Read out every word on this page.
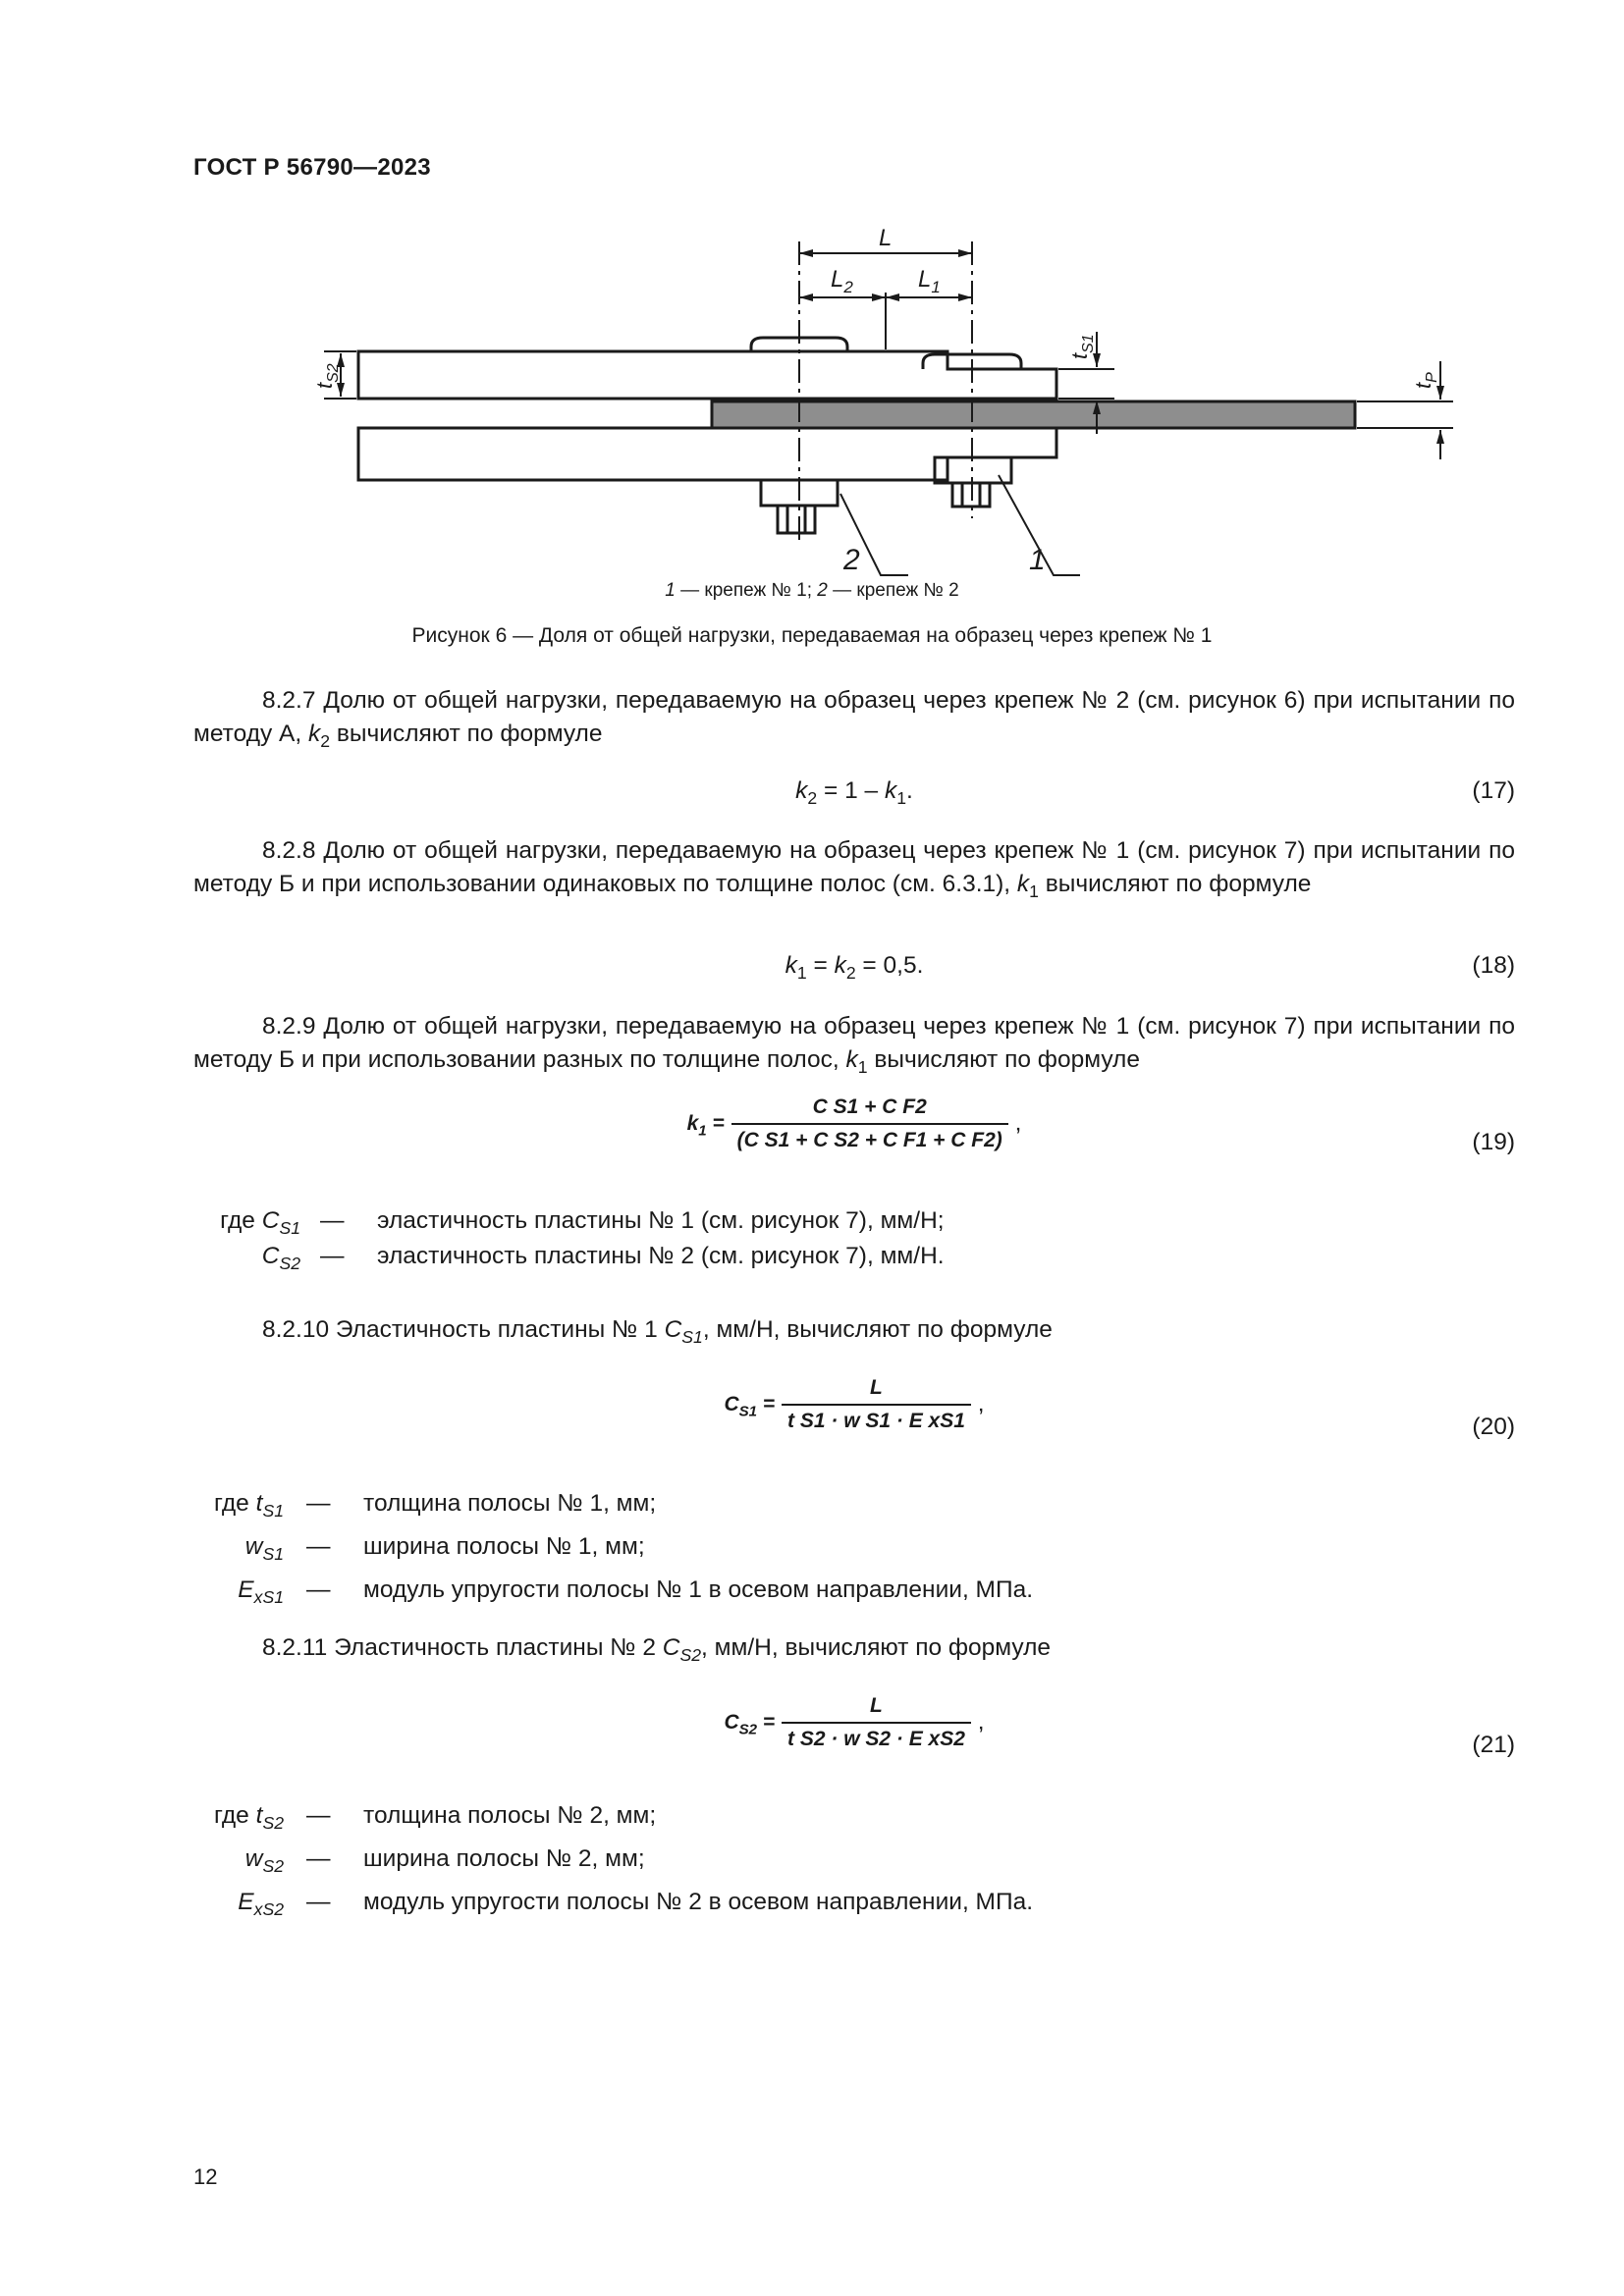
ГОСТ Р 56790—2023
L
$L_2$	$L_1$
$t_{S2}$
$t_{S1}$
$t_P$
2	1
1 — крепеж № 1; 2 — крепеж № 2
Рисунок 6 — Доля от общей нагрузки, передаваемая на образец через крепеж № 1
8.2.7 Долю от общей нагрузки, передаваемую на образец через крепеж № 2 (см. рисунок 6) при испытании по методу А, $k_2$ вычисляют по формуле
$k_2 = 1 - k_1$.	(17)
8.2.8 Долю от общей нагрузки, передаваемую на образец через крепеж № 1 (см. рисунок 7) при испытании по методу Б и при использовании одинаковых по толщине полос (см. 6.3.1), $k_1$ вычисляют по формуле
$k_1 = k_2 = 0,5$.	(18)
8.2.9 Долю от общей нагрузки, передаваемую на образец через крепеж № 1 (см. рисунок 7) при испытании по методу Б и при использовании разных по толщине полос, $k_1$ вычисляют по формуле
$k_1 = \frac{\text{C S1 + C F2}}{\text{(C S1 + C S2 + C F1 + C F2)}}$ ,
(19)
где $C_{S1}$ — эластичность пластины № 1 (см. рисунок 7), мм/Н;
$C_{S2}$ — эластичность пластины № 2 (см. рисунок 7), мм/Н.
8.2.10 Эластичность пластины № 1 $C_{S1}$, мм/Н, вычисляют по формуле
$C_{S1} = \frac{L}{\text{t S1 · w S1 · E xS1}}$ ,
(20)
где $t_{S1}$ — толщина полосы № 1, мм;
$w_{S1}$ — ширина полосы № 1, мм;
$E_{xS1}$ — модуль упругости полосы № 1 в осевом направлении, МПа.
8.2.11 Эластичность пластины № 2 $C_{S2}$, мм/Н, вычисляют по формуле
$C_{S2} = \frac{L}{\text{t S2 · w S2 · E xS2}}$ ,
(21)
где $t_{S2}$ — толщина полосы № 2, мм;
$w_{S2}$ — ширина полосы № 2, мм;
$E_{xS2}$ — модуль упругости полосы № 2 в осевом направлении, МПа.
12
